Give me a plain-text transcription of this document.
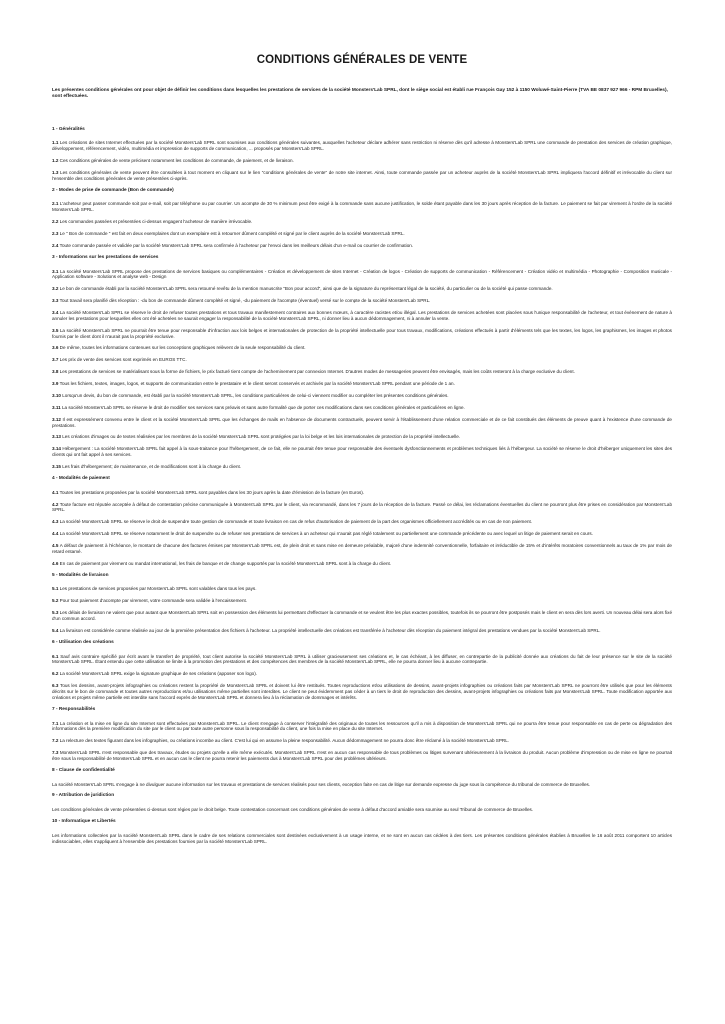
CONDITIONS GÉNÉRALES DE VENTE

Les présentes conditions générales ont pour objet de définir les conditions dans lesquelles les prestations de services de la société Monsters'Lab SPRL, dont le siège social est établi rue François Gay 152 à 1150 Woluwé-Saint-Pierre (TVA BE 0837 927 966 - RPM Bruxelles), sont effectuées.

1 - Généralités

1.1 Les créations de sites Internet effectuées par la société Monsters'Lab SPRL sont soumises aux conditions générales suivantes, auxquelles l'acheteur déclare adhérer sans restriction ni réserve dès qu'il adresse à Monsters'Lab SPRL une commande de prestation des services de création graphique, développement, référencement, vidéo, multimédia et impression de supports de communication, ... proposés par Monsters'Lab SPRL.

1.2 Ces conditions générales de vente précisent notamment les conditions de commande, de paiement, et de livraison.

1.3 Les conditions générales de vente peuvent être consultées à tout moment en cliquant sur le lien "conditions générales de vente" de notre site internet. Ainsi, toute commande passée par un acheteur auprès de la société Monsters'Lab SPRL impliquera l'accord définitif et irrévocable du client sur l'ensemble des conditions générales de vente présentées ci-après.

2 - Modes de prise de commande (Bon de commande)

2.1 L'acheteur peut passer commande soit par e-mail, soit par téléphone ou par courrier. Un acompte de 30 % minimum peut être exigé à la commande sans aucune justification, le solde étant payable dans les 30 jours après réception de la facture. Le paiement se fait par virement à l'ordre de la société Monsters'Lab SPRL.

2.2 Les commandes passées et présentées ci-dessus engagent l'acheteur de manière irrévocable.

2.3 Le " Bon de commande " est fait en deux exemplaires dont un exemplaire est à retourner dûment complété et signé par le client auprès de la société Monsters'Lab SPRL.

2.4 Toute commande passée et validée par la société Monsters'Lab SPRL sera confirmée à l'acheteur par l'envoi dans les meilleurs délais d'un e-mail ou courrier de confirmation.

3 - Informations sur les prestations de services

3.1 La société Monsters'Lab SPRL propose des prestations de services basiques ou complémentaires - Création et développement de sites Internet - Création de logos - Création de supports de communication - Référencement - Création vidéo et multimédia - Photographie - Composition musicale - Application software - Solutions et analyse web - Design

3.2 Le bon de commande établi par la société Monsters'Lab SPRL sera retourné revêtu de la mention manuscrite "Bon pour accord", ainsi que de la signature du représentant légal de la société, du particulier ou de la société qui passe commande.

3.3 Tout travail sera planifié dès réception : -du bon de commande dûment complété et signé, -du paiement de l'acompte (éventuel) versé sur le compte de la société Monsters'Lab SPRL.

3.4 La société Monsters'Lab SPRL se réserve le droit de refuser toutes prestations et tous travaux manifestement contraires aux bonnes mœurs, à caractère racistes et/ou illégal. Les prestations de services achetées sont placées sous l'unique responsabilité de l'acheteur, et tout évènement de nature à annuler les prestations pour lesquelles elles ont été achetées ne saurait engager la responsabilité de la société Monsters'Lab SPRL, ni donner lieu à aucun dédommagement, ni à annuler la vente.

3.5 La société Monsters'Lab SPRL ne pourrait être tenue pour responsable d'infraction aux lois belges et internationales de protection de la propriété intellectuelle pour tous travaux, modifications, créations effectués à partir d'éléments tels que les textes, les logos, les graphismes, les images et photos fournis par le client dont il n'aurait pas la propriété exclusive.

3.6 De même, toutes les informations contenues sur les conceptions graphiques relèvent de la seule responsabilité du client.

3.7 Les prix de vente des services sont exprimés en EUROS TTC.

3.8 Les prestations de services se matérialisant sous la forme de fichiers, le prix facturé tient compte de l'acheminement par connexion Internet. D'autres modes de messageries peuvent être envisagés, mais les coûts resteront à la charge exclusive du client.

3.9 Tous les fichiers, textes, images, logos, et supports de communication entre le prestataire et le client seront conservés et archivés par la société Monsters'Lab SPRL pendant une période de 1 an.

3.10 Lorsqu'un devis, du bon de commande, est établi par la société Monsters'Lab SPRL, les conditions particulières de celui-ci viennent modifier ou compléter les présentes conditions générales.

3.11 La société Monsters'Lab SPRL se réserve le droit de modifier ses services sans préavis et sans autre formalité que de porter ces modifications dans ses conditions générales et particulières en ligne.

3.12 Il est expressément convenu entre le client et la société Monsters'Lab SPRL que les échanges de mails en l'absence de documents contractuels, peuvent servir à l'établissement d'une relation commerciale et de ce fait constitués des éléments de preuve quant à l'existence d'une commande de prestations.

3.13 Les créations d'images ou de textes réalisées par les membres de la société Monsters'Lab SPRL sont protégées par la loi belge et les lois internationales de protection de la propriété intellectuelle.

3.14 Hébergement : La société Monsters'Lab SPRL fait appel à la sous-traitance pour l'hébergement, de ce fait, elle ne pourrait être tenue pour responsable des éventuels dysfonctionnements et problèmes techniques liés à l'hébergeur. La société se réserve le droit d'héberger uniquement les sites des clients qui ont fait appel à ses services.

3.15 Les frais d'hébergement; de maintenance, et de modifications sont à la charge du client.

4 - Modalités de paiement

4.1 Toutes les prestations proposées par la société Monsters'Lab SPRL sont payables dans les 30 jours après la date d'émission de la facture (en Euros).

4.2 Toute facture est réputée acceptée à défaut de contestation précise communiquée à Monsters'Lab SPRL par le client, via recommandé, dans les 7 jours de la réception de la facture. Passé ce délai, les réclamations éventuelles du client ne pourront plus être prises en considération par Monsters'Lab SPRL.

4.3 La société Monsters'Lab SPRL se réserve le droit de suspendre toute gestion de commande et toute livraison en cas de refus d'autorisation de paiement de la part des organismes officiellement accrédités ou en cas de non paiement.

4.4 La société Monsters'Lab SPRL se réserve notamment le droit de suspendre ou de refuser ses prestations de services à un acheteur qui n'aurait pas réglé totalement ou partiellement une commande précédente ou avec lequel un litige de paiement serait en cours.

4.5 A défaut de paiement à l'échéance, le montant de chacune des factures émises par Monsters'Lab SPRL est, de plein droit et sans mise en demeure préalable, majoré d'une indemnité conventionnelle, forfaitaire et irréductible de 15% et d'intérêts moratoires conventionnels au taux de 1% par mois de retard entamé.

4.6 En cas de paiement par virement ou mandat international, les frais de banque et de change supportés par la société Monsters'Lab SPRL sont à la charge du client.

5 - Modalités de livraison

5.1 Les prestations de services proposées par Monsters'Lab SPRL sont valables dans tous les pays.

5.2 Pour tout paiement d'acompte par virement, votre commande sera validée à l'encaissement.

5.3 Les délais de livraison ne valent que pour autant que Monsters'Lab SPRL soit en possession des éléments lui permettant d'effectuer la commande et se veulent être les plus exactes possibles, toutefois ils se pourront être postposés mais le client en sera dès lors averti. Un nouveau délai sera alors fixé d'un commun accord.

5.4 La livraison est considérée comme réalisée au jour de la première présentation des fichiers à l'acheteur. La propriété intellectuelle des créations est transférée à l'acheteur dès réception du paiement intégral des prestations vendues par la société Monsters'Lab SPRL.

6 - Utilisation des créations

6.1 Sauf avis contraire spécifié par écrit avant le transfert de propriété, tout client autorise la société Monsters'Lab SPRL à utiliser gracieusement ses créations et, le cas échéant, à les diffuser, en contrepartie de la publicité donnée aux créations du fait de leur présence sur le site de la société Monsters'Lab SPRL. Étant entendu que cette utilisation se limite à la promotion des prestations et des compétences des membres de la société Monsters'Lab SPRL, elle ne pourra donner lieu à aucune contrepartie.

6.2 La société Monsters'Lab SPRL exige la signature graphique de ses créations (apposer son logo).

6.3 Tous les dessins, avant-projets infographies ou créations restent la propriété de Monsters'Lab SPRL et doivent lui être restitués. Toutes reproductions et/ou utilisations de dessins, avant-projets infographies ou créations faits par Monsters'Lab SPRL ne pourront être utilisés que pour les éléments décrits sur le bon de commande et toutes autres reproductions et/ou utilisations même partielles sont interdites. Le client ne peut évidemment pas céder à un tiers le droit de reproduction des dessins, avant-projets infographies ou créations faits par Monsters'Lab SPRL. Toute modification apportée aux créations et projets même partielle est interdite sans l'accord exprès de Monsters'Lab SPRL et donnera lieu à la réclamation de dommages et intérêts.

7 - Responsabilités

7.1 La création et la mise en ligne du site Internet sont effectuées par Monsters'Lab SPRL. Le client s'engage à conserver l'intégralité des originaux de toutes les ressources qu'il a mis à disposition de Monsters'Lab SPRL qui ne pourra être tenue pour responsable en cas de perte ou dégradation des informations dès la première modification du site par le client ou par toute autre personne sous la responsabilité du client, une fois la mise en place du site Internet.

7.2 La relecture des textes figurant dans les infographies, ou créations incombe au client. C'est lui qui en assume la pleine responsabilité. Aucun dédommagement ne pourra donc être réclamé à la société Monsters'Lab SPRL.

7.3 Monsters'Lab SPRL n'est responsable que des travaux, études ou projets qu'elle a elle même exécutés. Monsters'Lab SPRL n'est en aucun cas responsable de tous problèmes ou litiges survenant ultérieurement à la livraison du produit. Aucun problème d'impression ou de mise en ligne ne pourrait être sous la responsabilité de Monsters'Lab SPRL et en aucun cas le client ne pourra retenir les paiements dus à Monsters'Lab SPRL pour des problèmes ultérieurs.

8 - Clause de confidentialité

La société Monsters'Lab SPRL s'engage à ne divulguer aucune information sur les travaux et prestations de services réalisés pour ses clients, exception faite en cas de litige sur demande expresse du juge sous la compétence du tribunal de commerce de Bruxelles.

9 - Attribution de juridiction

Les conditions générales de vente présentées ci-dessus sont régies par le droit belge. Toute contestation concernant ces conditions générales de vente à défaut d'accord amiable sera soumise au seul Tribunal de commerce de Bruxelles.

10 - Informatique et Libertés

Les informations collectées par la société Monsters'Lab SPRL dans le cadre de ses relations commerciales sont destinées exclusivement à un usage interne, et ne sont en aucun cas cédées à des tiers. Les présentes conditions générales établies à Bruxelles le 16 août 2011 comportent 10 articles indissociables, elles s'appliquent à l'ensemble des prestations fournies par la société Monsters'Lab SPRL.
